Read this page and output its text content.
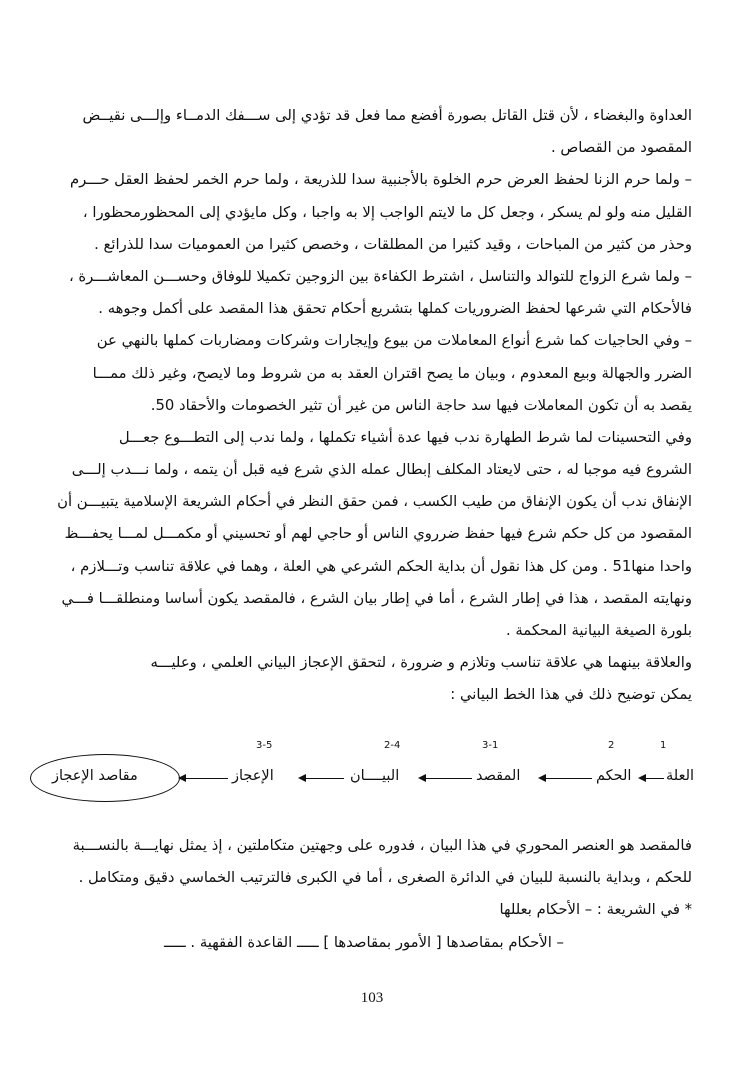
العداوة والبغضاء ، لأن قتل القاتل بصورة أفضع مما فعل قد تؤدي إلى ســـفك الدمــاء وإلـــى نقيــض
المقصود من القصاص .
– ولما حرم الزنا لحفظ العرض حرم الخلوة بالأجنبية سدا للذريعة ، ولما حرم الخمر لحفظ العقل حـــرم
القليل منه ولو لم يسكر ، وجعل كل ما لايتم الواجب إلا به واجبا ، وكل مايؤدي إلى المحظورمحظورا ،
وحذر من كثير من المباحات ، وقيد كثيرا من المطلقات ، وخصص كثيرا من العموميات سدا للذرائع .
– ولما شرع الزواج للتوالد والتناسل ، اشترط الكفاءة بين الزوجين تكميلا للوفاق وحســـن المعاشـــرة ،
فالأحكام التي شرعها لحفظ الضروريات كملها بتشريع أحكام تحقق هذا المقصد على أكمل وجوهه .
– وفي الحاجيات كما شرع أنواع المعاملات من بيوع وإيجارات وشركات ومضاربات كملها بالنهي عن
الضرر والجهالة وبيع المعدوم ، وبيان ما يصح اقتران العقد به من شروط وما لايصح، وغير ذلك ممـــا
يقصد به أن تكون المعاملات فيها سد حاجة الناس من غير أن تثير الخصومات والأحقاد 50.
وفي التحسينات لما شرط الطهارة ندب فيها عدة أشياء تكملها ، ولما ندب إلى التطـــوع جعـــل
الشروع فيه موجبا له ، حتى لايعتاد المكلف إبطال عمله الذي شرع فيه قبل أن يتمه ، ولما نـــدب إلـــى
الإنفاق ندب أن يكون الإنفاق من طيب الكسب ، فمن حقق النظر في أحكام الشريعة الإسلامية يتبيـــن أن
المقصود من كل حكم شرع فيها حفظ ضرروي الناس أو حاجي لهم أو تحسيني أو مكمـــل لمـــا يحفـــظ
واحدا منها51 . ومن كل هذا نقول أن بداية الحكم الشرعي هي العلة ، وهما في علاقة تناسب وتـــلازم ،
ونهايته المقصد ، هذا في إطار الشرع ، أما في إطار بيان الشرع ، فالمقصد يكون أساسا ومنطلقـــا فـــي
بلورة الصيغة البيانية المحكمة .
والعلاقة بينهما هي علاقة تناسب وتلازم و ضرورة ، لتحقق الإعجاز البياني العلمي ، وعليـــه
يمكن توضيح ذلك في هذا الخط البياني :
1
2
3-1
2-4
3-5
العلة
الحكم
المقصد
البيــــان
الإعجاز
مقاصد الإعجاز
فالمقصد هو العنصر المحوري في هذا البيان ، فدوره على وجهتين متكاملتين ، إذ يمثل نهايـــة بالنســـبة
للحكم ، وبداية بالنسبة للبيان في الدائرة الصغرى ، أما في الكبرى فالترتيب الخماسي دقيق ومتكامل .
* في الشريعة : – الأحكام بعللها
– الأحكام بمقاصدها [ الأمور بمقاصدها ] ـــــ القاعدة الفقهية . ـــــ
103
